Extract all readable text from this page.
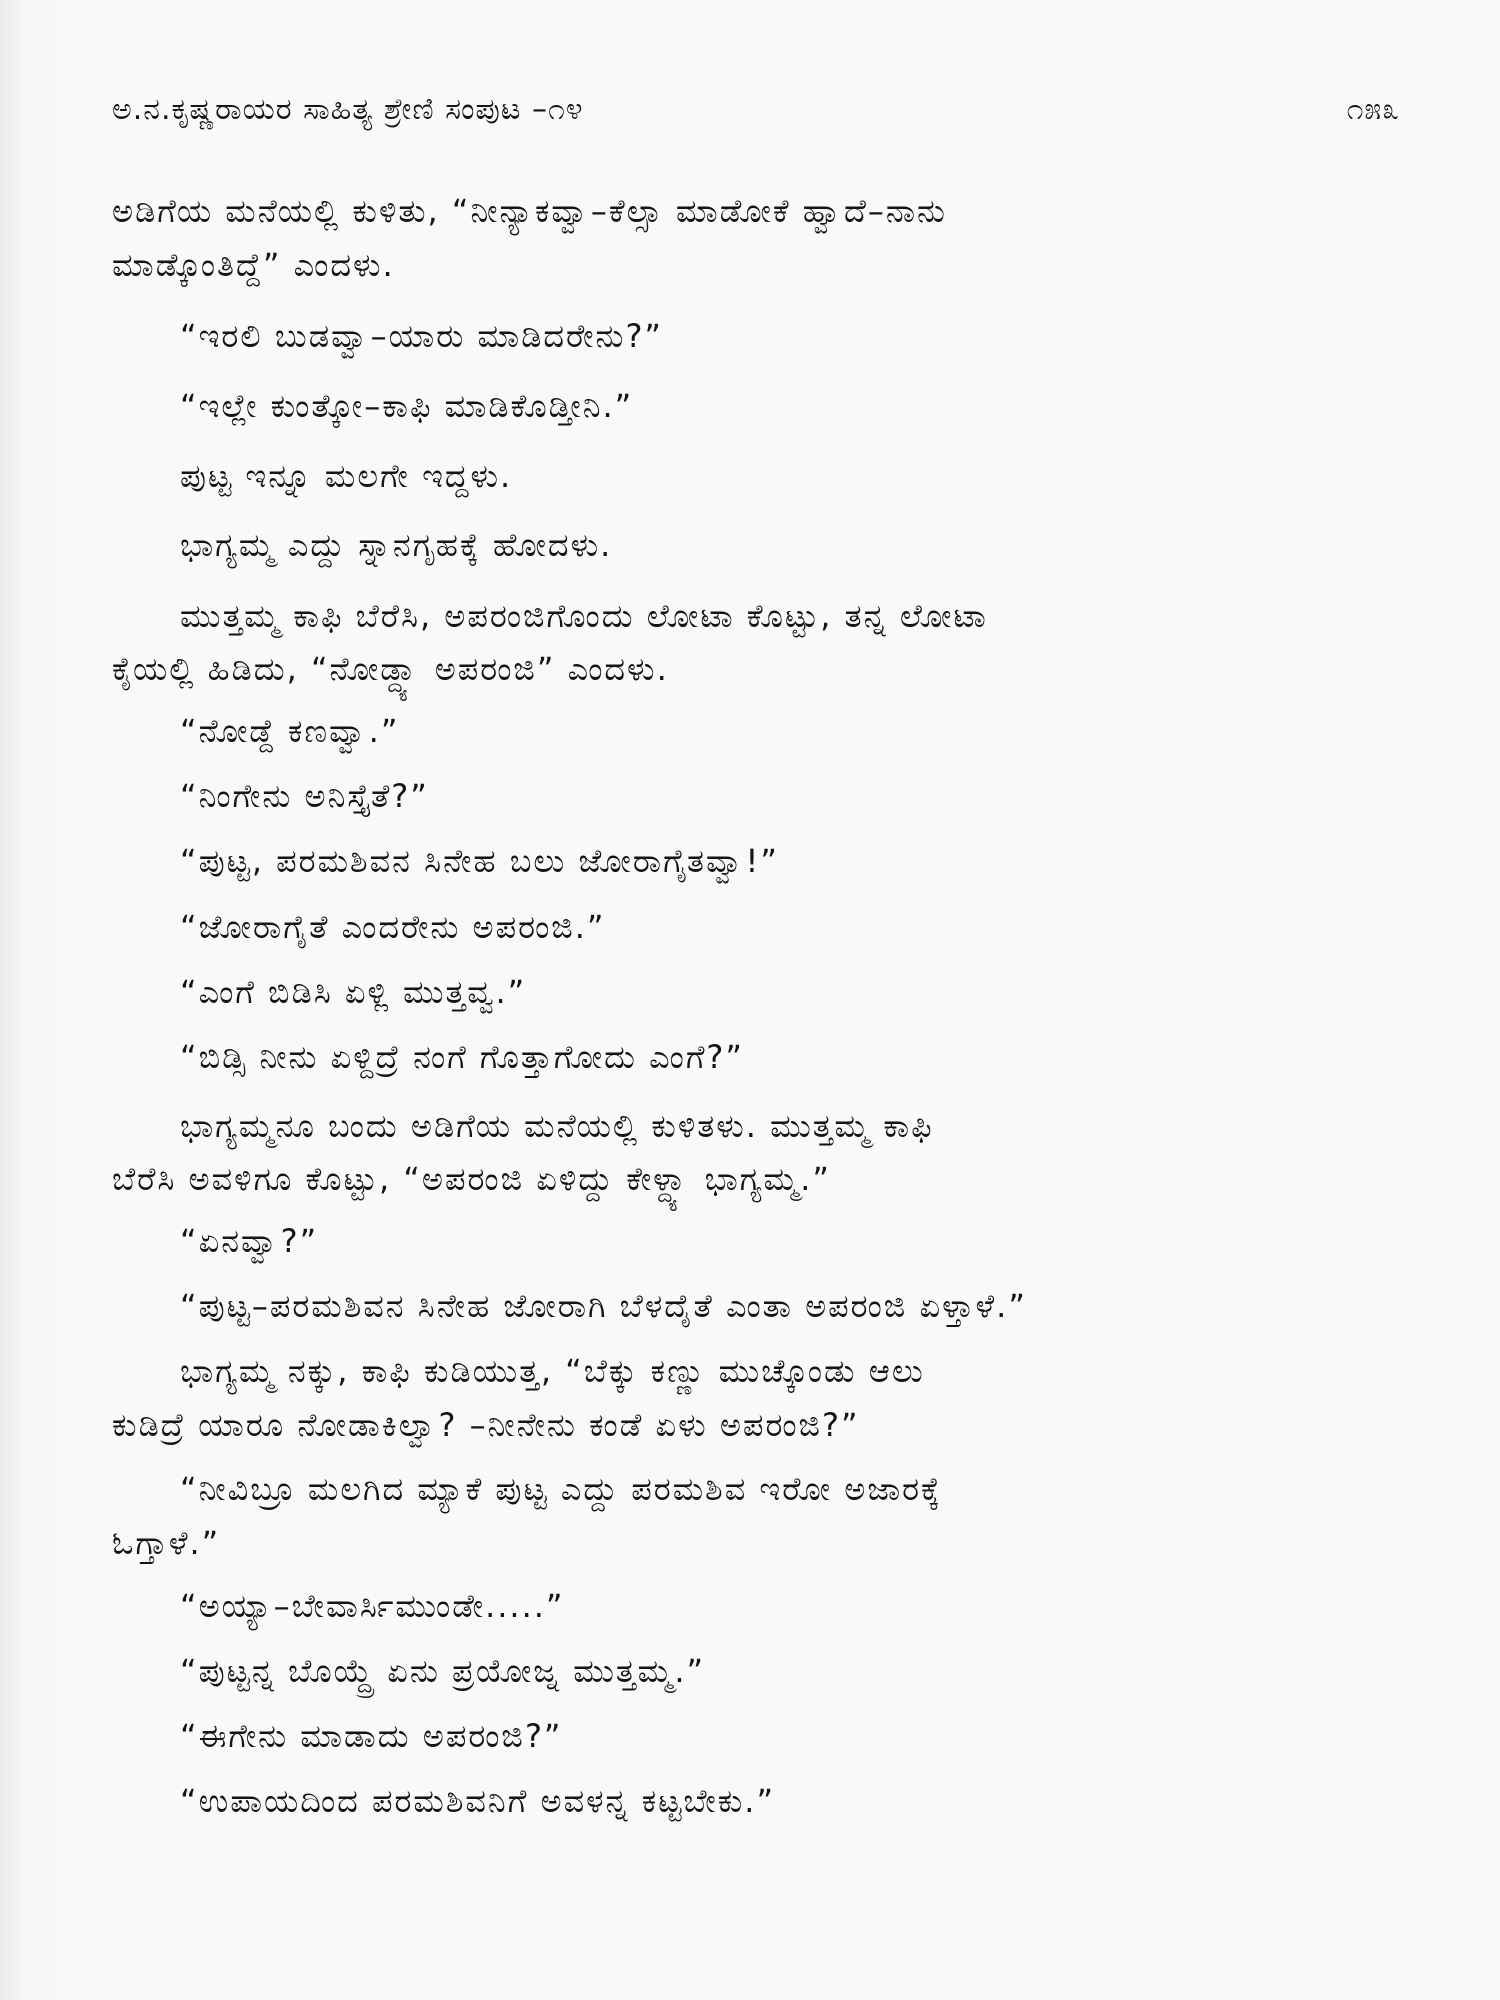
ಅ.ನ.ಕೃಷ್ಣರಾಯರ ಸಾಹಿತ್ಯ ಶ್ರೇಣಿ ಸಂಪುಟ –೧೪	೧೫೩
ಅಡಿಗೆಯ ಮನೆಯಲ್ಲಿ ಕುಳಿತು, “ನೀನ್ಯಾಕವ್ವಾ–ಕೆಲ್ಸಾ ಮಾಡೋಕೆ ಹ್ವಾದೆ–ನಾನು
ಮಾಡ್ಕೊಂತಿದ್ದೆ” ಎಂದಳು.
“ಇರಲಿ ಬುಡವ್ವಾ–ಯಾರು ಮಾಡಿದರೇನು?”
“ಇಲ್ಲೇ ಕುಂತ್ಕೋ–ಕಾಫಿ ಮಾಡಿಕೊಡ್ತೀನಿ.”
ಪುಟ್ಟ ಇನ್ನೂ ಮಲಗೇ ಇದ್ದಳು.
ಭಾಗ್ಯಮ್ಮ ಎದ್ದು ಸ್ನಾನಗೃಹಕ್ಕೆ ಹೋದಳು.
ಮುತ್ತಮ್ಮ ಕಾಫಿ ಬೆರೆಸಿ, ಅಪರಂಜಿಗೊಂದು ಲೋಟಾ ಕೊಟ್ಟು, ತನ್ನ ಲೋಟಾ
ಕೈಯಲ್ಲಿ ಹಿಡಿದು, “ನೋಡ್ದ್ಯಾ ಅಪರಂಜಿ” ಎಂದಳು.
“ನೋಡ್ದೆ ಕಣವ್ವಾ.”
“ನಿಂಗೇನು ಅನಿಸ್ತೈತೆ?”
“ಪುಟ್ಟ, ಪರಮಶಿವನ ಸಿನೇಹ ಬಲು ಜೋರಾಗೈತವ್ವಾ!”
“ಜೋರಾಗೈತೆ ಎಂದರೇನು ಅಪರಂಜಿ.”
“ಎಂಗೆ ಬಿಡಿಸಿ ಏಳ್ಲಿ ಮುತ್ತವ್ವ.”
“ಬಿಡ್ಸಿ ನೀನು ಏಳ್ದಿದ್ರೆ ನಂಗೆ ಗೊತ್ತಾಗೋದು ಎಂಗೆ?”
ಭಾಗ್ಯಮ್ಮನೂ ಬಂದು ಅಡಿಗೆಯ ಮನೆಯಲ್ಲಿ ಕುಳಿತಳು. ಮುತ್ತಮ್ಮ ಕಾಫಿ
ಬೆರೆಸಿ ಅವಳಿಗೂ ಕೊಟ್ಟು, “ಅಪರಂಜಿ ಏಳಿದ್ದು ಕೇಳ್ದ್ಯಾ ಭಾಗ್ಯಮ್ಮ.”
“ಏನವ್ವಾ?”
“ಪುಟ್ಟ–ಪರಮಶಿವನ ಸಿನೇಹ ಜೋರಾಗಿ ಬೆಳದೈತೆ ಎಂತಾ ಅಪರಂಜಿ ಏಳ್ತಾಳೆ.”
ಭಾಗ್ಯಮ್ಮ ನಕ್ಕು, ಕಾಫಿ ಕುಡಿಯುತ್ತ, “ಬೆಕ್ಕು ಕಣ್ಣು ಮುಚ್ಕೊಂಡು ಆಲು
ಕುಡಿದ್ರೆ ಯಾರೂ ನೋಡಾಕಿಲ್ವಾ? –ನೀನೇನು ಕಂಡೆ ಏಳು ಅಪರಂಜಿ?”
“ನೀವಿಬ್ರೂ ಮಲಗಿದ ಮ್ಯಾಕೆ ಪುಟ್ಟ ಎದ್ದು ಪರಮಶಿವ ಇರೋ ಅಜಾರಕ್ಕೆ
ಓಗ್ತಾಳೆ.”
“ಅಯ್ಯಾ–ಬೇವಾರ್ಸಿಮುಂಡೇ.....”
“ಪುಟ್ಟನ್ನ ಬೊಯ್ದ್ರೆ ಏನು ಪ್ರಯೋಜ್ನ ಮುತ್ತಮ್ಮ.”
“ಈಗೇನು ಮಾಡಾದು ಅಪರಂಜಿ?”
“ಉಪಾಯದಿಂದ ಪರಮಶಿವನಿಗೆ ಅವಳನ್ನ ಕಟ್ಟಬೇಕು.”
